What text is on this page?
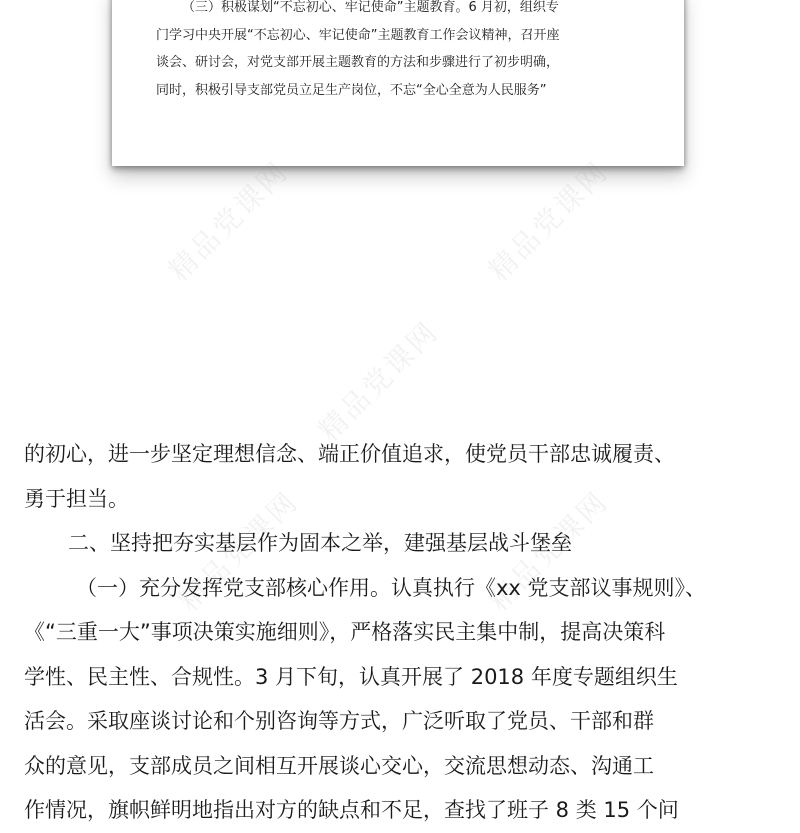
（三）积极谋划“不忘初心、牢记使命”主题教育。6 月初，组织专
门学习中央开展“不忘初心、牢记使命”主题教育工作会议精神，召开座
谈会、研讨会，对党支部开展主题教育的方法和步骤进行了初步明确，
同时，积极引导支部党员立足生产岗位，不忘“全心全意为人民服务”
精品党课网	精品党课网
精品党课网
精品党课网	精品党课网
的初心，进一步坚定理想信念、端正价值追求，使党员干部忠诚履责、
勇于担当。
二、坚持把夯实基层作为固本之举，建强基层战斗堡垒
（一）充分发挥党支部核心作用。认真执行《xx 党支部议事规则》、
《“三重一大”事项决策实施细则》，严格落实民主集中制，提高决策科
学性、民主性、合规性。3 月下旬，认真开展了 2018 年度专题组织生
活会。采取座谈讨论和个别咨询等方式，广泛听取了党员、干部和群
众的意见，支部成员之间相互开展谈心交心，交流思想动态、沟通工
作情况，旗帜鲜明地指出对方的缺点和不足，查找了班子 8 类 15 个问
